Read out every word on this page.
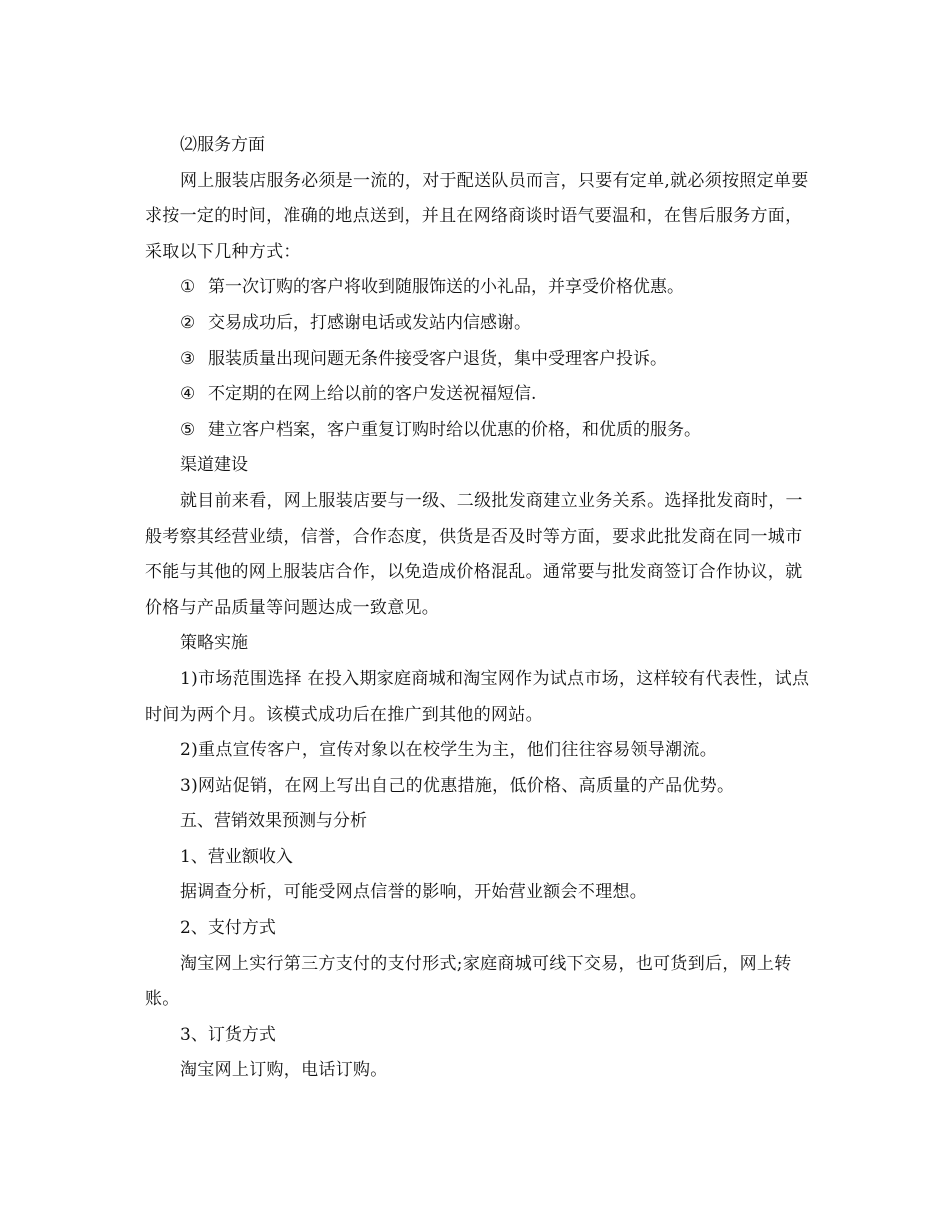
⑵服务方面

网上服装店服务必须是一流的，对于配送队员而言，只要有定单,就必须按照定单要求按一定的时间，准确的地点送到，并且在网络商谈时语气要温和，在售后服务方面，采取以下几种方式：

① 第一次订购的客户将收到随服饰送的小礼品，并享受价格优惠。

② 交易成功后，打感谢电话或发站内信感谢。

③ 服装质量出现问题无条件接受客户退货，集中受理客户投诉。

④ 不定期的在网上给以前的客户发送祝福短信.

⑤ 建立客户档案，客户重复订购时给以优惠的价格，和优质的服务。

渠道建设

就目前来看，网上服装店要与一级、二级批发商建立业务关系。选择批发商时，一般考察其经营业绩，信誉，合作态度，供货是否及时等方面，要求此批发商在同一城市不能与其他的网上服装店合作，以免造成价格混乱。通常要与批发商签订合作协议，就价格与产品质量等问题达成一致意见。

策略实施

1)市场范围选择 在投入期家庭商城和淘宝网作为试点市场，这样较有代表性，试点时间为两个月。该模式成功后在推广到其他的网站。

2)重点宣传客户，宣传对象以在校学生为主，他们往往容易领导潮流。

3)网站促销，在网上写出自己的优惠措施，低价格、高质量的产品优势。

五、营销效果预测与分析

1、营业额收入

据调查分析，可能受网点信誉的影响，开始营业额会不理想。

2、支付方式

淘宝网上实行第三方支付的支付形式;家庭商城可线下交易，也可货到后，网上转账。

3、订货方式

淘宝网上订购，电话订购。
